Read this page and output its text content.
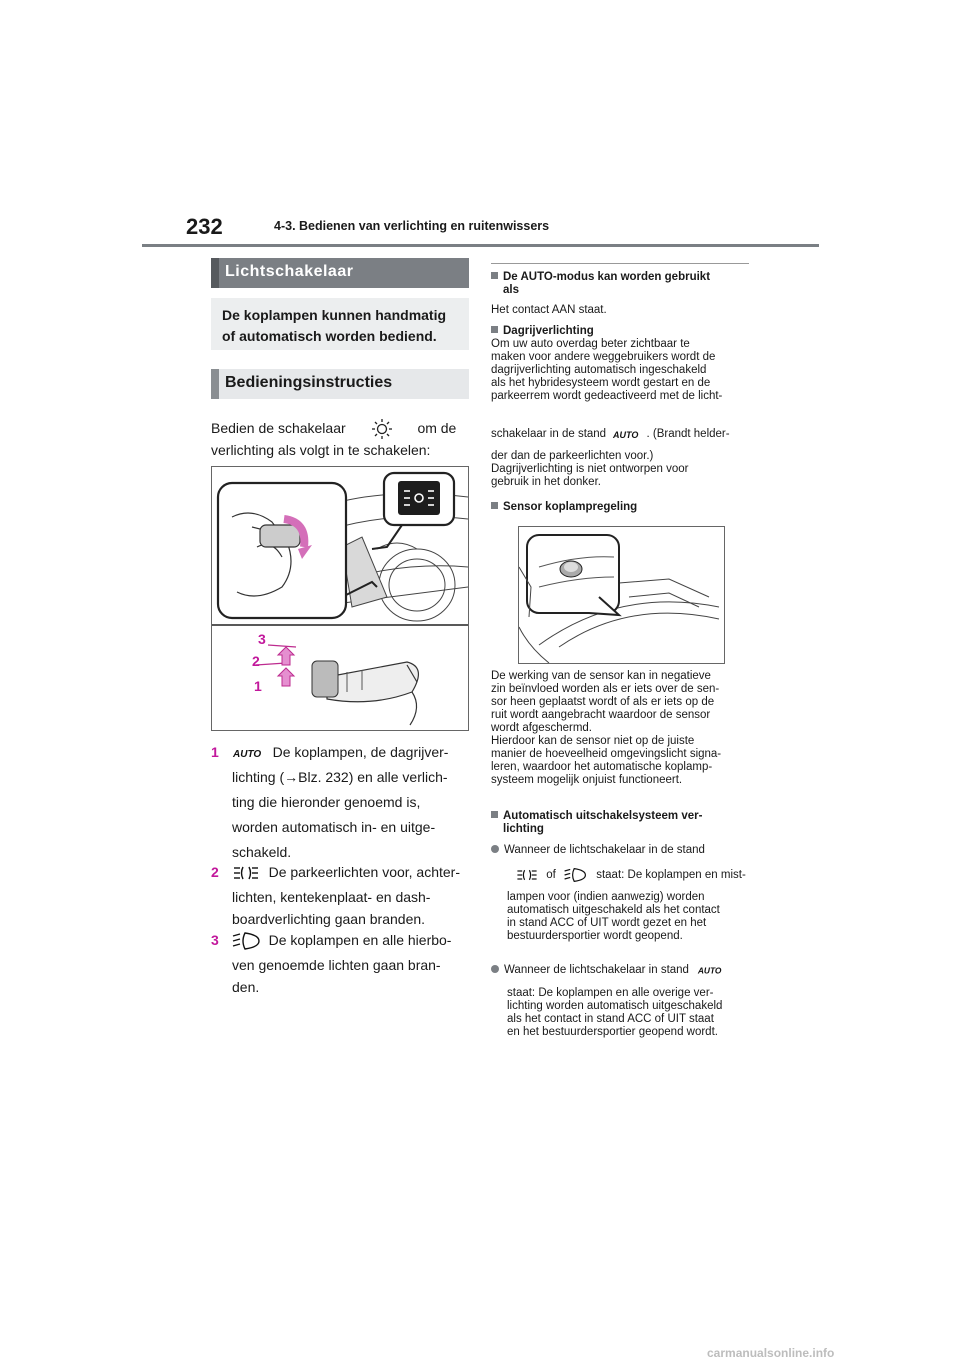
232	4-3. Bedienen van verlichting en ruitenwissers
Lichtschakelaar
De koplampen kunnen handmatig of automatisch worden bediend.
Bedieningsinstructies
Bedien de schakelaar	om de
verlichting als volgt in te schakelen:
3
2
1
1 AUTO De koplampen, de dagrijver-
lichting (→Blz. 232) en alle verlich-
ting die hieronder genoemd is,
worden automatisch in- en uitge-
schakeld.
2	De parkeerlichten voor, achter-
lichten, kentekenplaat- en dash-
boardverlichting gaan branden.
3	De koplampen en alle hierbo-
ven genoemde lichten gaan bran-
den.
De AUTO-modus kan worden gebruikt
als
Het contact AAN staat.
Dagrijverlichting
Om uw auto overdag beter zichtbaar te
maken voor andere weggebruikers wordt de
dagrijverlichting automatisch ingeschakeld
als het hybridesysteem wordt gestart en de
parkeerrem wordt gedeactiveerd met de licht-
schakelaar in de stand AUTO . (Brandt helder-
der dan de parkeerlichten voor.)
Dagrijverlichting is niet ontworpen voor
gebruik in het donker.
Sensor koplampregeling
De werking van de sensor kan in negatieve
zin beïnvloed worden als er iets over de sen-
sor heen geplaatst wordt of als er iets op de
ruit wordt aangebracht waardoor de sensor
wordt afgeschermd.
Hierdoor kan de sensor niet op de juiste
manier de hoeveelheid omgevingslicht signa-
leren, waardoor het automatische koplamp-
systeem mogelijk onjuist functioneert.
Automatisch uitschakelsysteem ver-
lichting
Wanneer de lichtschakelaar in de stand
of	staat: De koplampen en mist-
lampen voor (indien aanwezig) worden
automatisch uitgeschakeld als het contact
in stand ACC of UIT wordt gezet en het
bestuurdersportier wordt geopend.
Wanneer de lichtschakelaar in stand AUTO
staat: De koplampen en alle overige ver-
lichting worden automatisch uitgeschakeld
als het contact in stand ACC of UIT staat
en het bestuurdersportier geopend wordt.
carmanualsonline.info
